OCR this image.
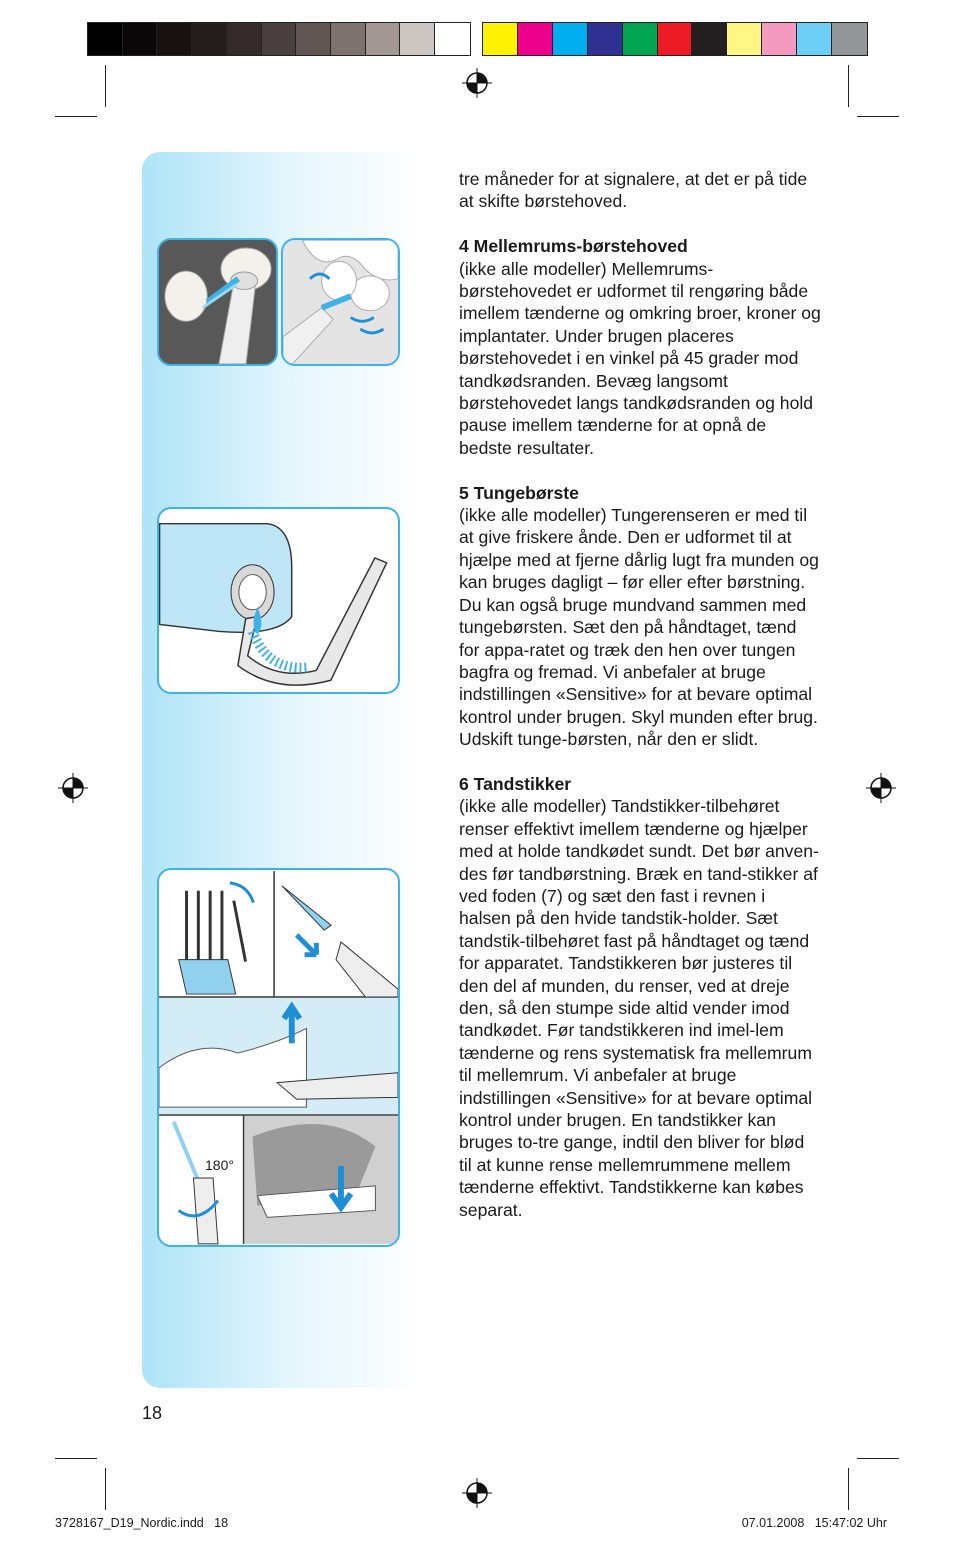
180°

tre måneder for at signalere, at det er på tide at skifte børstehoved.

4 Mellemrums-børstehoved
(ikke alle modeller) Mellemrums-børstehovedet er udformet til rengøring både imellem tænderne og omkring broer, kroner og implantater. Under brugen placeres børstehovedet i en vinkel på 45 grader mod tandkødsranden. Bevæg langsomt børstehovedet langs tandkødsranden og hold pause imellem tænderne for at opnå de bedste resultater.

5 Tungebørste
(ikke alle modeller) Tungerenseren er med til at give friskere ånde. Den er udformet til at hjælpe med at fjerne dårlig lugt fra munden og kan bruges dagligt – før eller efter børstning. Du kan også bruge mundvand sammen med tungebørsten. Sæt den på håndtaget, tænd for appa-ratet og træk den hen over tungen bagfra og fremad. Vi anbefaler at bruge indstillingen «Sensitive» for at bevare optimal kontrol under brugen. Skyl munden efter brug. Udskift tunge-børsten, når den er slidt.

6 Tandstikker
(ikke alle modeller) Tandstikker-tilbehøret renser effektivt imellem tænderne og hjælper med at holde tandkødet sundt. Det bør anven-des før tandbørstning. Bræk en tand-stikker af ved foden (7) og sæt den fast i revnen i halsen på den hvide tandstik-holder. Sæt tandstik-tilbehøret fast på håndtaget og tænd for apparatet. Tandstikkeren bør justeres til den del af munden, du renser, ved at dreje den, så den stumpe side altid vender imod tandkødet. Før tandstikkeren ind imel-lem tænderne og rens systematisk fra mellemrum til mellemrum. Vi anbefaler at bruge indstillingen «Sensitive» for at bevare optimal kontrol under brugen. En tandstikker kan bruges to-tre gange, indtil den bliver for blød til at kunne rense mellemrummene mellem tænderne effektivt. Tandstikkerne kan købes separat.

18
3728167_D19_Nordic.indd   18	07.01.2008   15:47:02 Uhr
